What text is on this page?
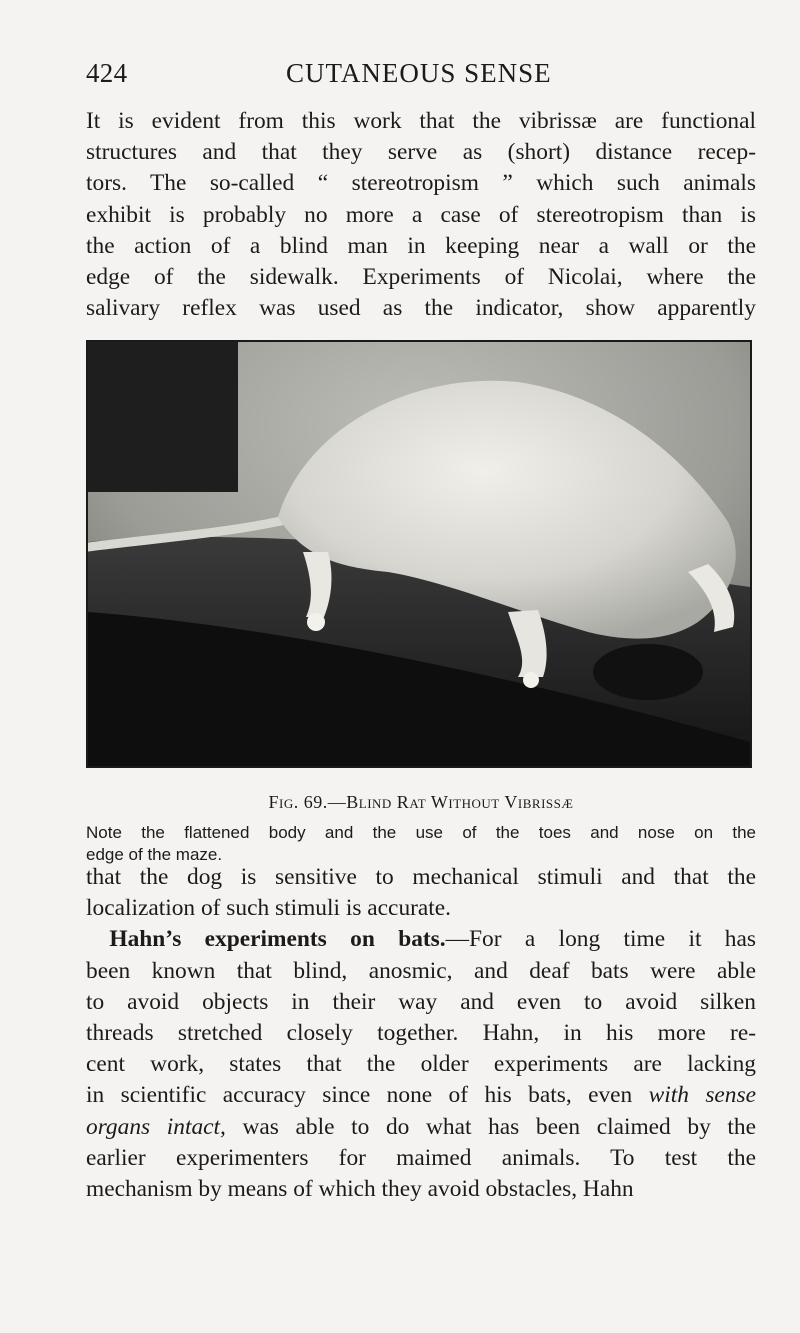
424	CUTANEOUS SENSE

It is evident from this work that the vibrissæ are functional
structures and that they serve as (short) distance recep-
tors. The so-called “ stereotropism ” which such animals
exhibit is probably no more a case of stereotropism than is
the action of a blind man in keeping near a wall or the
edge of the sidewalk. Experiments of Nicolai, where the
salivary reflex was used as the indicator, show apparently

Fig. 69.—Blind Rat Without Vibrissæ

Note the flattened body and the use of the toes and nose on the
edge of the maze.

that the dog is sensitive to mechanical stimuli and that the
localization of such stimuli is accurate.
 Hahn’s experiments on bats.—For a long time it has
been known that blind, anosmic, and deaf bats were able
to avoid objects in their way and even to avoid silken
threads stretched closely together. Hahn, in his more re-
cent work, states that the older experiments are lacking
in scientific accuracy since none of his bats, even with sense
organs intact, was able to do what has been claimed by the
earlier experimenters for maimed animals. To test the
mechanism by means of which they avoid obstacles, Hahn
